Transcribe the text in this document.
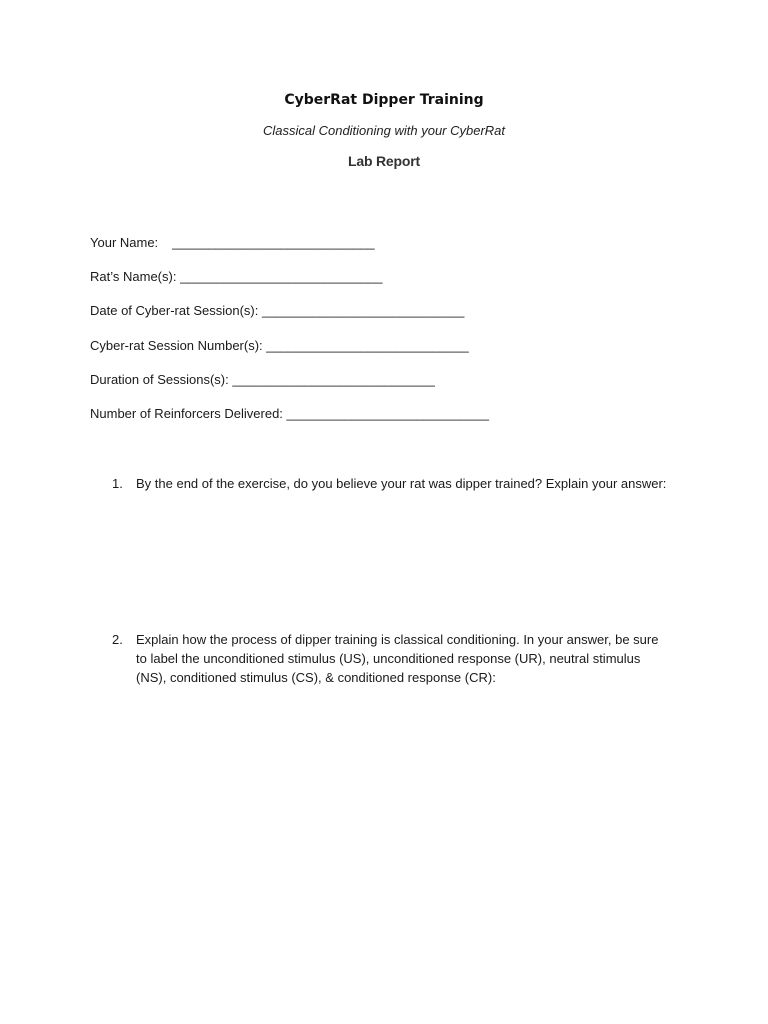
CyberRat Dipper Training
Classical Conditioning with your CyberRat
Lab Report
Your Name: ____________________________
Rat’s Name(s): ____________________________
Date of Cyber-rat Session(s): ____________________________
Cyber-rat Session Number(s): ____________________________
Duration of Sessions(s): ____________________________
Number of Reinforcers Delivered: ____________________________
1.	By the end of the exercise, do you believe your rat was dipper trained? Explain your answer:
2.	Explain how the process of dipper training is classical conditioning. In your answer, be sure to label the unconditioned stimulus (US), unconditioned response (UR), neutral stimulus (NS), conditioned stimulus (CS), & conditioned response (CR):
